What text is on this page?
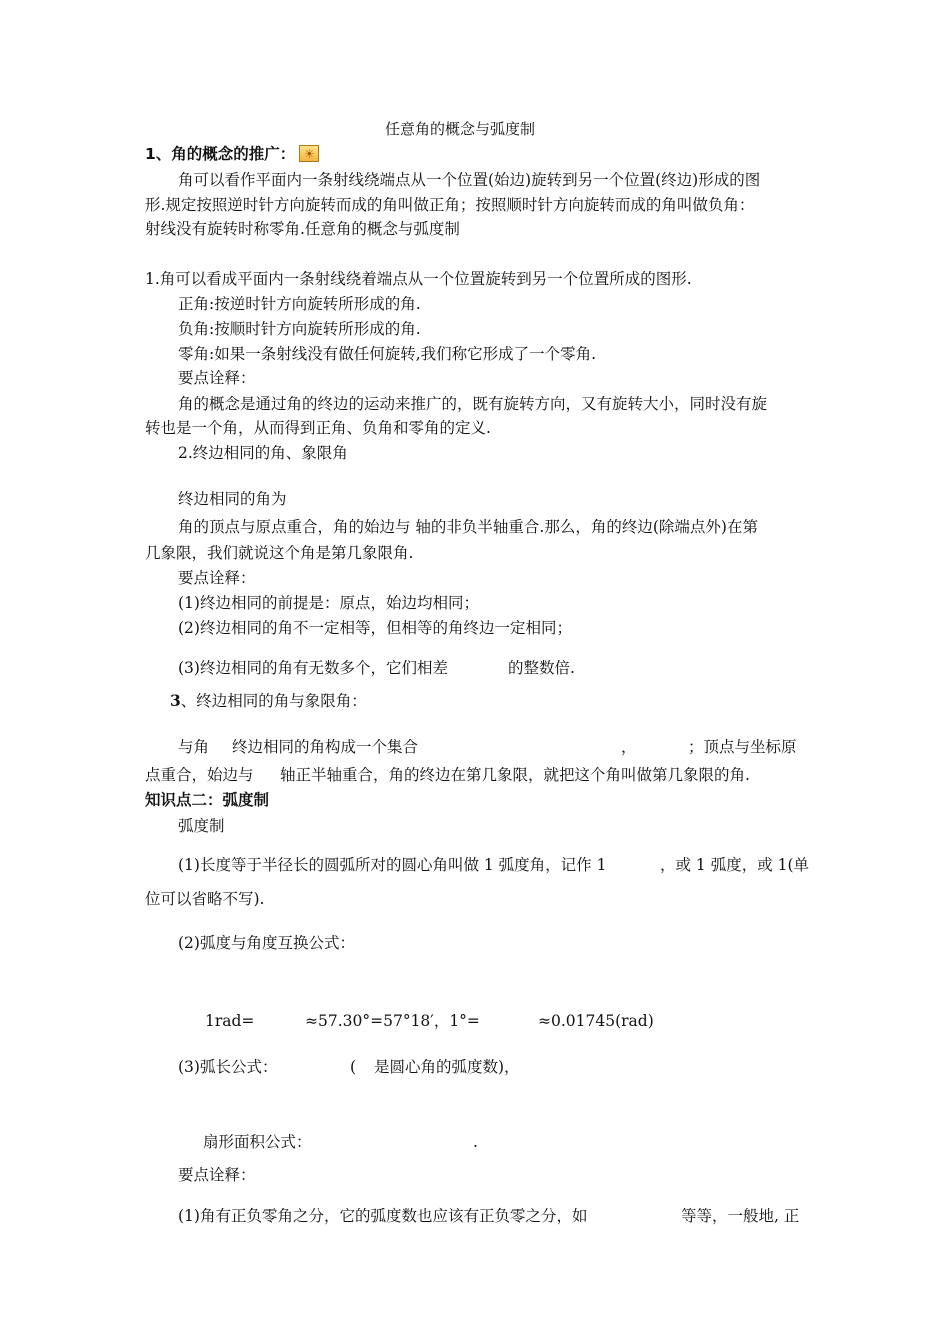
任意角的概念与弧度制
1、角的概念的推广：☀
角可以看作平面内一条射线绕端点从一个位置(始边)旋转到另一个位置(终边)形成的图
形.规定按照逆时针方向旋转而成的角叫做正角；按照顺时针方向旋转而成的角叫做负角：
射线没有旋转时称零角.任意角的概念与弧度制
1.角可以看成平面内一条射线绕着端点从一个位置旋转到另一个位置所成的图形.
正角:按逆时针方向旋转所形成的角.
负角:按顺时针方向旋转所形成的角.
零角:如果一条射线没有做任何旋转,我们称它形成了一个零角.
要点诠释：
角的概念是通过角的终边的运动来推广的，既有旋转方向，又有旋转大小，同时没有旋
转也是一个角，从而得到正角、负角和零角的定义.
2.终边相同的角、象限角
终边相同的角为
角的顶点与原点重合，角的始边与 轴的非负半轴重合.那么，角的终边(除端点外)在第
几象限，我们就说这个角是第几象限角.
要点诠释：
(1)终边相同的前提是：原点，始边均相同；
(2)终边相同的角不一定相等，但相等的角终边一定相同；
(3)终边相同的角有无数多个，它们相差	的整数倍.
3、终边相同的角与象限角：
与角 终边相同的角构成一个集合	，	；顶点与坐标原
点重合，始边与 轴正半轴重合，角的终边在第几象限，就把这个角叫做第几象限的角.
知识点二：弧度制
弧度制
(1)长度等于半径长的圆弧所对的圆心角叫做 1 弧度角，记作 1	，或 1 弧度，或 1(单
位可以省略不写).
(2)弧度与角度互换公式：
1rad=	≈57.30°=57°18′，1°=	≈0.01745(rad)
(3)弧长公式：	( 是圆心角的弧度数)，
扇形面积公式：	.
要点诠释：
(1)角有正负零角之分，它的弧度数也应该有正负零之分，如	等等，一般地, 正
